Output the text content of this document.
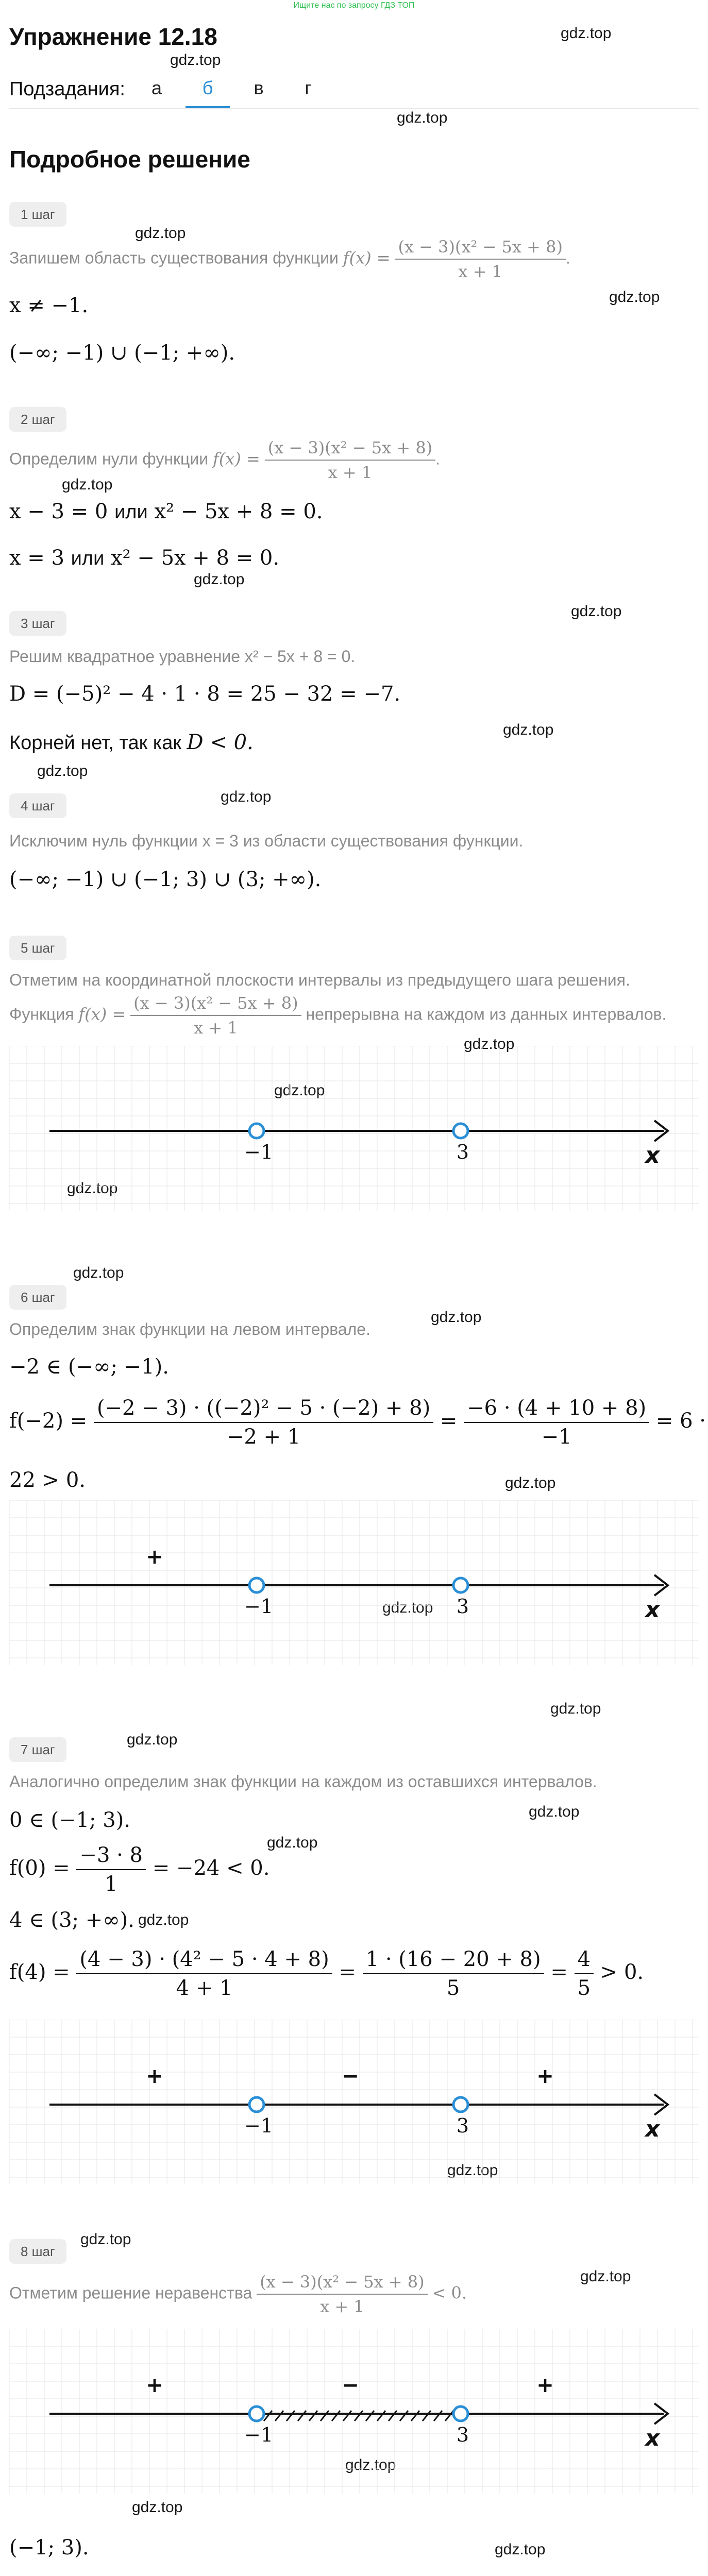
Ищите нас по запросу ГДЗ ТОП
gdz.top
gdz.top
gdz.top
gdz.top
gdz.top
gdz.top
gdz.top
gdz.top
gdz.top
gdz.top
gdz.top
gdz.top
gdz.top
gdz.top
gdz.top
gdz.top
gdz.top
gdz.top
gdz.top
gdz.top
gdz.top
gdz.top
gdz.top
gdz.top
gdz.top
gdz.top
gdz.top
gdz.top
gdz.top
Упражнение 12.18
Подзадания:	а	б	в	г
Подробное решение
1 шаг
Запишем область существования функции $f(x) = \frac{\text{(x − 3)(x² − 5x + 8)}}{x + 1}$ .
x ≠ −1.
(−∞; −1) ∪ (−1; +∞).
2 шаг
Определим нули функции $f(x) = \frac{\text{(x − 3)(x² − 5x + 8)}}{x + 1}$ .
x − 3 = 0 или x² − 5x + 8 = 0.
x = 3 или x² − 5x + 8 = 0.
3 шаг
Решим квадратное уравнение x² − 5x + 8 = 0.
D = (−5)² − 4 · 1 · 8 = 25 − 32 = −7.
Корней нет, так как D < 0.
4 шаг
Исключим нуль функции x = 3 из области существования функции.
(−∞; −1) ∪ (−1; 3) ∪ (3; +∞).
5 шаг
Отметим на координатной плоскости интервалы из предыдущего шага решения.
Функция $f(x) = \frac{\text{(x − 3)(x² − 5x + 8)}}{x + 1}$ непрерывна на каждом из данных интервалов.
−1	3	x
6 шаг
Определим знак функции на левом интервале.
−2 ∈ (−∞; −1).
$f(-2) = \frac{\text{(−2 − 3) · ((−2)² − 5 · (−2) + 8)}}{-2 + 1} = \frac{-6 \cdot (4 + 10 + 8)}{-1} = 6$ ·
22 > 0.
−1	3	x
+
7 шаг
Аналогично определим знак функции на каждом из оставшихся интервалов.
0 ∈ (−1; 3).
$f(0) = \frac{-3 \cdot 8}{1} = -24 < 0$.
4 ∈ (3; +∞).
$f(4) = \frac{\text{(4 − 3) · (4² − 5 · 4 + 8)}}{4 + 1} = \frac{1 \cdot (16 - 20 + 8)}{5} = \frac{4}{5} > 0$.
−1	3	x
+	−	+
8 шаг
Отметим решение неравенства $\frac{\text{(x − 3)(x² − 5x + 8)}}{x + 1} < 0$.
−1	3	x
+	−	+
(−1; 3).
